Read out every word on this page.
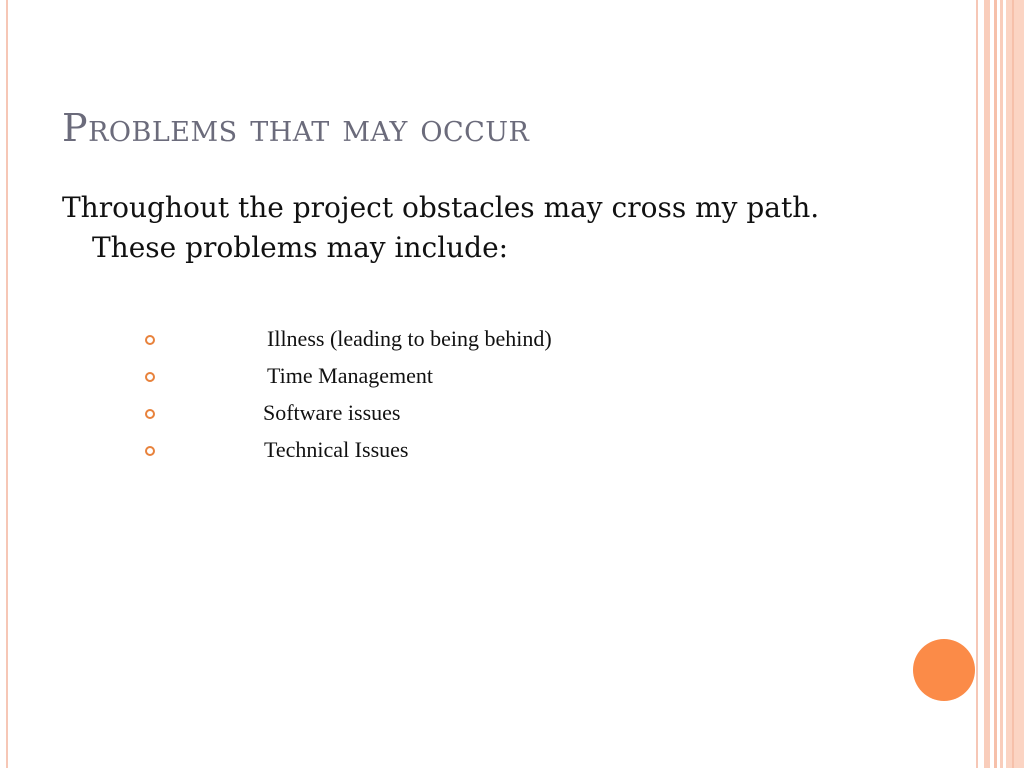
Problems that may occur

Throughout the project obstacles may cross my path. These problems may include:

Illness (leading to being behind)
Time Management
Software issues
Technical Issues
